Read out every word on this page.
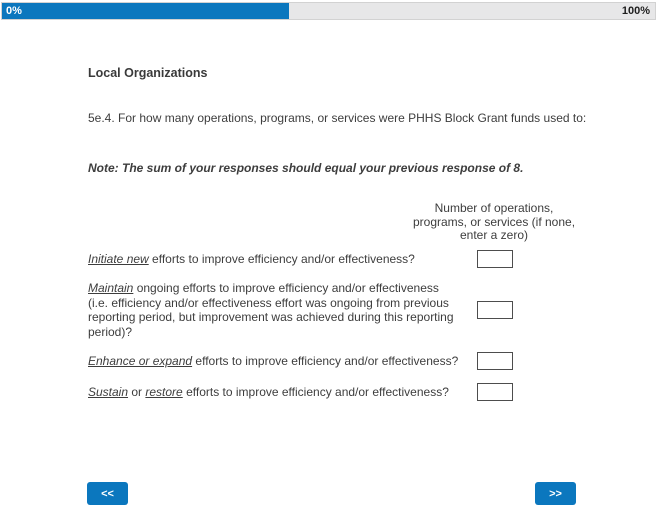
0%	100%
Local Organizations
5e.4. For how many operations, programs, or services were PHHS Block Grant funds used to:
Note: The sum of your responses should equal your previous response of 8.
Number of operations, programs, or services (if none, enter a zero)
Initiate new efforts to improve efficiency and/or effectiveness?
Maintain ongoing efforts to improve efficiency and/or effectiveness (i.e. efficiency and/or effectiveness effort was ongoing from previous reporting period, but improvement was achieved during this reporting period)?
Enhance or expand efforts to improve efficiency and/or effectiveness?
Sustain or restore efforts to improve efficiency and/or effectiveness?
<<	>>
